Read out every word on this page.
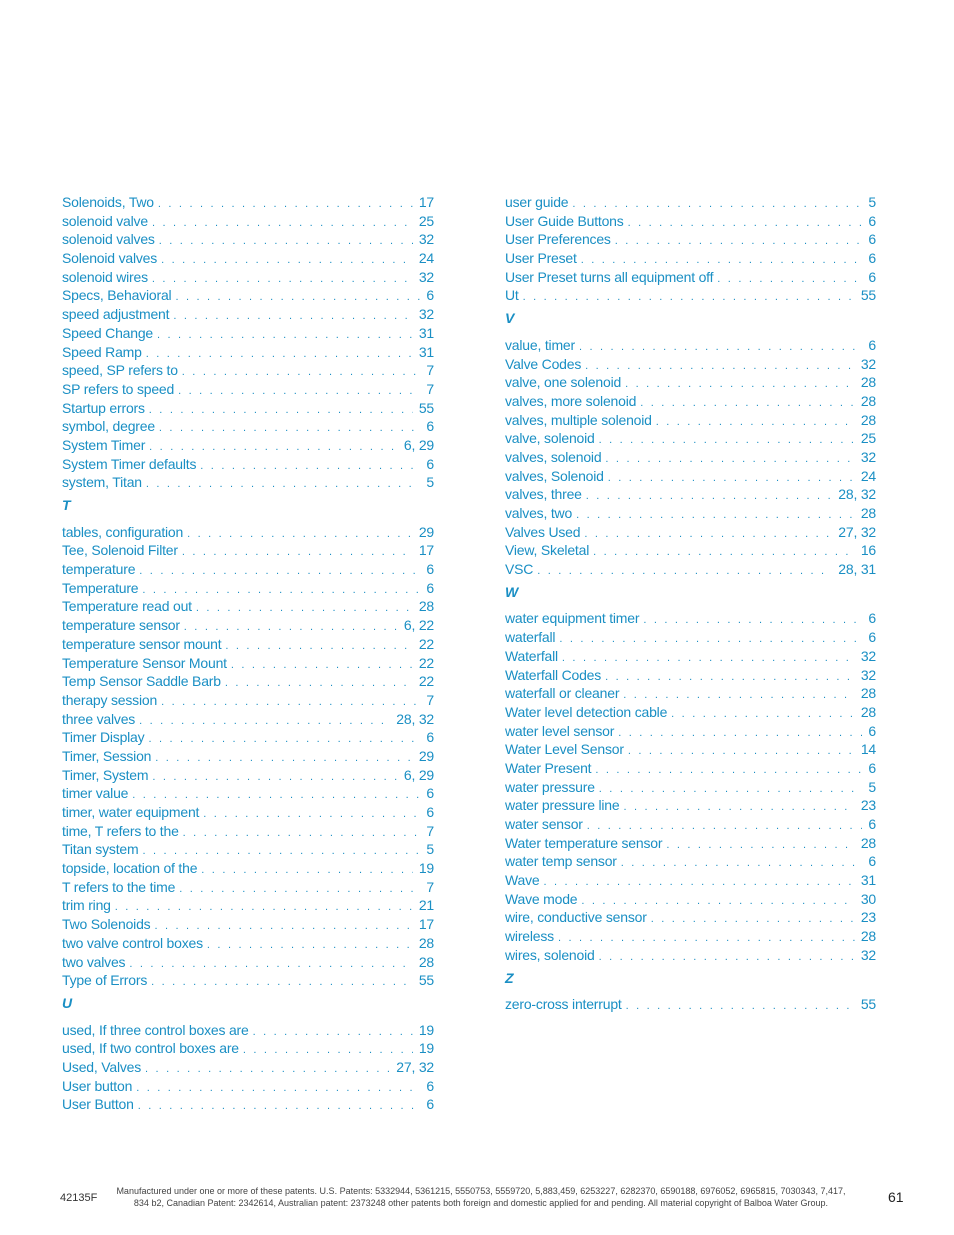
Solenoids, Two . . .	17
solenoid valve . . .	25
solenoid valves . . .	32
Solenoid valves . . .	24
solenoid wires . . .	32
Specs, Behavioral . . .	6
speed adjustment . . .	32
Speed Change . . .	31
Speed Ramp . . .	31
speed, SP refers to . . .	7
SP refers to speed . . .	7
Startup errors . . .	55
symbol, degree . . .	6
System Timer . . .	6, 29
System Timer defaults . . .	6
system, Titan . . .	5
T
tables, configuration . . .	29
Tee, Solenoid Filter . . .	17
temperature . . .	6
Temperature . . .	6
Temperature read out . . .	28
temperature sensor . . .	6, 22
temperature sensor mount . . .	22
Temperature Sensor Mount . . .	22
Temp Sensor Saddle Barb . . .	22
therapy session . . .	7
three valves . . .	28, 32
Timer Display . . .	6
Timer, Session . . .	29
Timer, System . . .	6, 29
timer value . . .	6
timer, water equipment . . .	6
time, T refers to the . . .	7
Titan system . . .	5
topside, location of the . . .	19
T refers to the time . . .	7
trim ring . . .	21
Two Solenoids . . .	17
two valve control boxes . . .	28
two valves . . .	28
Type of Errors . . .	55
U
used, If three control boxes are . . .	19
used, If two control boxes are . . .	19
Used, Valves . . .	27, 32
User button . . .	6
User Button . . .	6
user guide . . .	5
User Guide Buttons . . .	6
User Preferences . . .	6
User Preset . . .	6
User Preset turns all equipment off . . .	6
Ut . . .	55
V
value, timer . . .	6
Valve Codes . . .	32
valve, one solenoid . . .	28
valves, more solenoid . . .	28
valves, multiple solenoid . . .	28
valve, solenoid . . .	25
valves, solenoid . . .	32
valves, Solenoid . . .	24
valves, three . . .	28, 32
valves, two . . .	28
Valves Used . . .	27, 32
View, Skeletal . . .	16
VSC . . .	28, 31
W
water equipment timer . . .	6
waterfall . . .	6
Waterfall . . .	32
Waterfall Codes . . .	32
waterfall or cleaner . . .	28
Water level detection cable . . .	28
water level sensor . . .	6
Water Level Sensor . . .	14
Water Present . . .	6
water pressure . . .	5
water pressure line . . .	23
water sensor . . .	6
Water temperature sensor . . .	28
water temp sensor . . .	6
Wave . . .	31
Wave mode . . .	30
wire, conductive sensor . . .	23
wireless . . .	28
wires, solenoid . . .	32
Z
zero-cross interrupt . . .	55
42135F
Manufactured under one or more of these patents. U.S. Patents: 5332944, 5361215, 5550753, 5559720, 5,883,459, 6253227, 6282370, 6590188, 6976052, 6965815, 7030343, 7,417, 834 b2, Canadian Patent: 2342614, Australian patent: 2373248 other patents both foreign and domestic applied for and pending. All material copyright of Balboa Water Group.	61
